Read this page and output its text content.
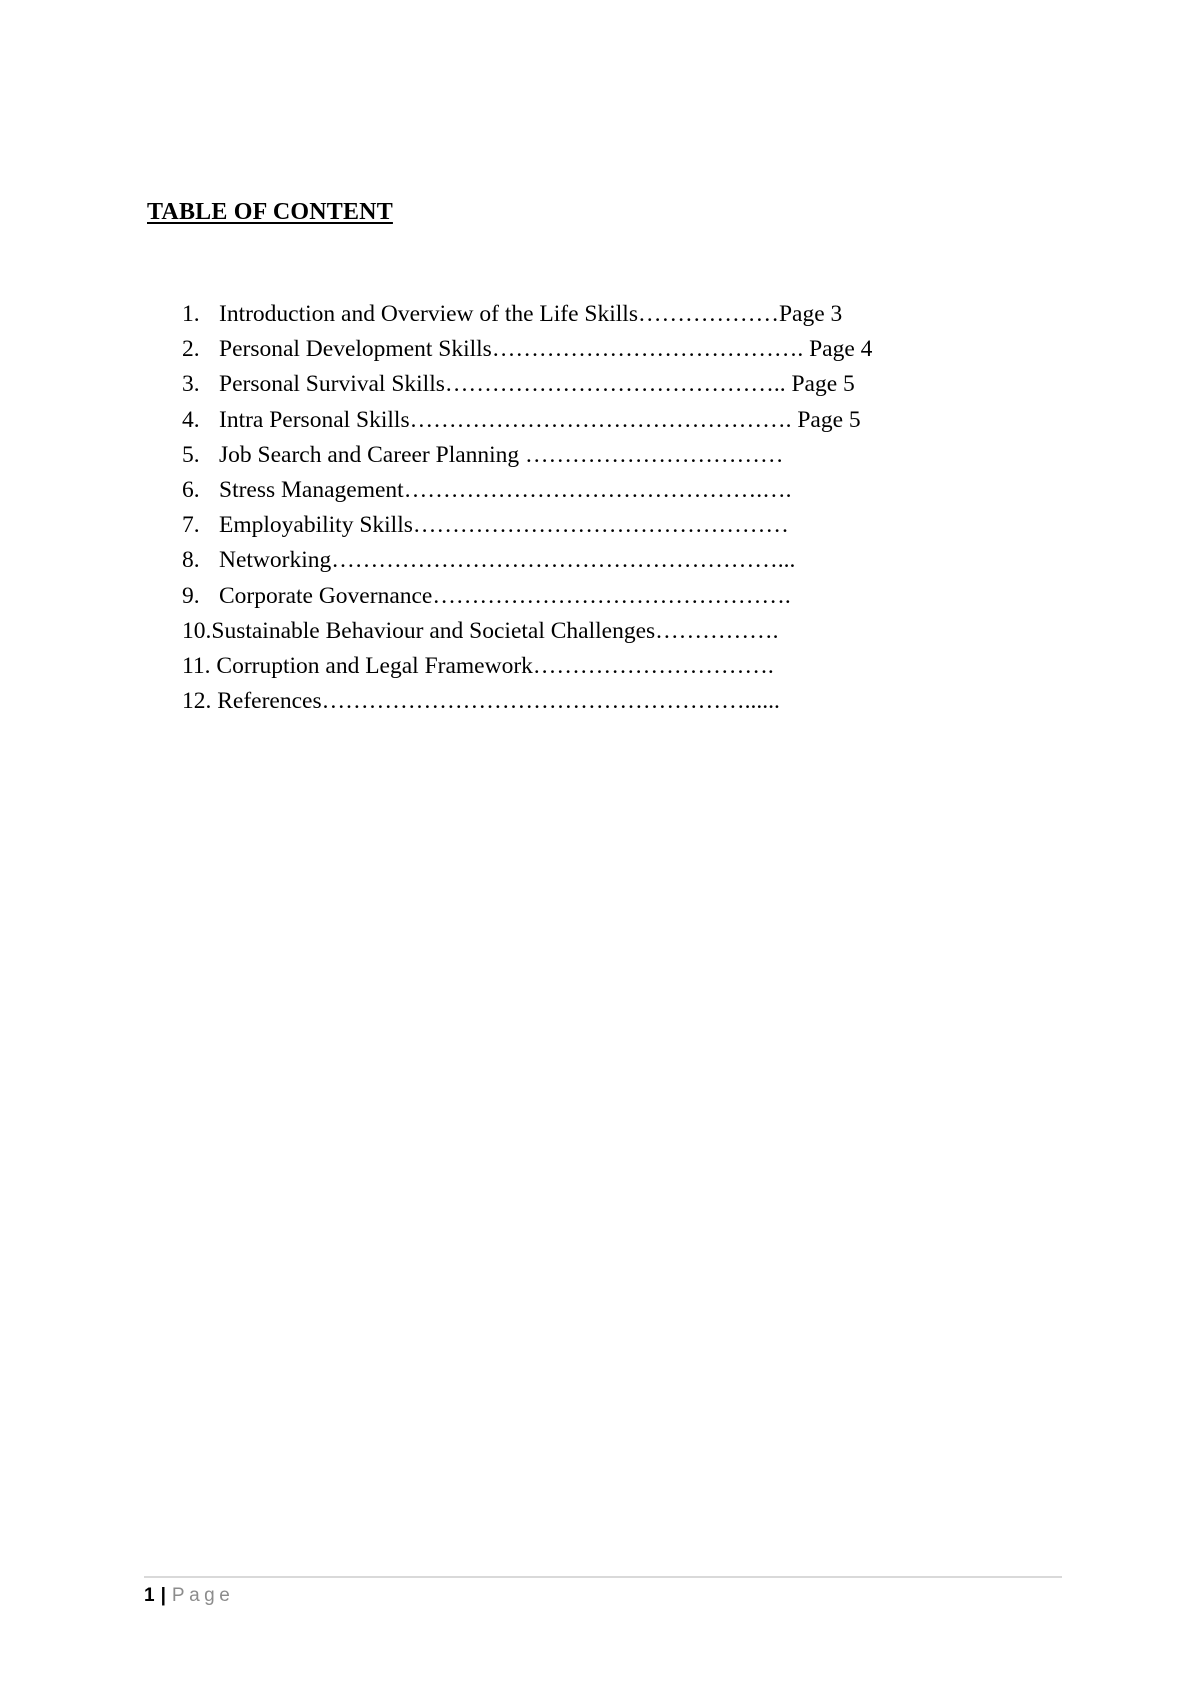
TABLE OF CONTENT
1. Introduction and Overview of the Life Skills………………Page 3
2. Personal Development Skills…………………………………. Page 4
3. Personal Survival Skills…………………………………….. Page 5
4. Intra Personal Skills…………………………………………. Page 5
5. Job Search and Career Planning ……………………………
6. Stress Management……………………………………….….
7. Employability Skills…………………………………………
8. Networking…………………………………………………...
9. Corporate Governance……………………………………….
10.Sustainable Behaviour and Societal Challenges…………….
11. Corruption and Legal Framework………………………….
12. References………………………………………………......
1 | Page
